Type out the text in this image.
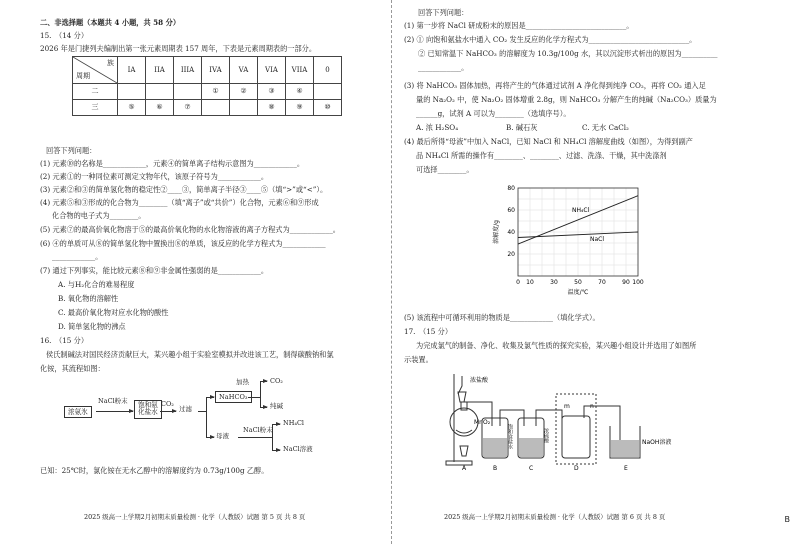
二、非选择题（本题共 4 小题，共 58 分）
15.　（14 分）
2026 年是门捷列夫编制出第一张元素周期表 157 周年，下表是元素周期表的一部分。
族
周期	IA	IIA	IIIA	IVA	VA	VIA	VIIA	0
二				①	②	③	④	
三	⑤	⑥	⑦			⑧	⑨	⑩
回答下列问题：
(1) 元素⑩的名称是____________，元素④的简单离子结构示意图为____________。
(2) 元素①的一种同位素可测定文物年代，该原子符号为____________。
(3) 元素②和③的简单氢化物的稳定性②____③，简单离子半径③____⑤（填“>”或“<”）。
(4) 元素⑤和③形成的化合物为________（填“离子”或“共价”）化合物，元素⑥和⑨形成
化合物的电子式为________。
(5) 元素⑦的最高价氧化物溶于⑤的最高价氧化物的水化物溶液的离子方程式为____________。
(6) ④的单质可从⑧的简单氢化物中置换出⑧的单质，该反应的化学方程式为____________
____________。
(7) 通过下列事实，能比较元素⑧和⑨非金属性强弱的是____________。
A. 与H₂化合的难易程度
B. 氧化物的溶解性
C. 最高价氧化物对应水化物的酸性
D. 简单氢化物的沸点
16.　（15 分）
侯氏制碱法对国民经济贡献巨大，某兴趣小组于实验室模拟并改进该工艺，制得碳酸钠和氯
化铵，其流程如图：
浓氨氷
NaCl粉末 饱和氨
化盐水
CO₂
过滤
NaHCO₃
加热	CO₂
纯碱
母液
NaCl粉末
NH₄Cl
NaCl溶液
已知：25℃时，氯化铵在无水乙醇中的溶解度约为 0.73g/100g 乙醇。
2025 级高一上学期2月初期末质量检测 · 化学（人教版）试题 第 5 页 共 8 页
回答下列问题：
(1) 第一步将 NaCl 研成粉末的原因是____________________________。
(2) ① 向饱和氨盐水中通入 CO₂ 发生反应的化学方程式为____________________________。
② 已知常温下 NaHCO₃ 的溶解度为 10.3g/100g 水，其以沉淀形式析出的原因为__________
____________。
(3) 将 NaHCO₃ 固体加热，再将产生的气体通过试剂 A 净化得到纯净 CO₂，再将 CO₂ 通入足
量的 Na₂O₂ 中，使 Na₂O₂ 固体增重 2.8g，则 NaHCO₃ 分解产生的纯碱（Na₂CO₃）质量为
______g，试剂 A 可以为________（选填序号）。
A. 浓 H₂SO₄	B. 碱石灰	C. 无水 CaCl₂
(4) 最后所得“母液”中加入 NaCl，已知 NaCl 和 NH₄Cl 溶解度曲线（如图），为得到副产
品 NH₄Cl 所需的操作有________、________、过滤、洗涤、干燥，其中洗涤剂
可选择________。
0 10	30	50	70	90 100
20
40
60
80
温度/℃
溶解度/g
NH₄Cl
NaCl
(5) 该流程中可循环利用的物质是____________（填化学式）。
17.　（15 分）
为完成氯气的制备、净化、收集及氯气性质的探究实验，某兴趣小组设计并选用了如图所
示装置。
浓盐酸
MnO₂
饱和食盐水	浓硫酸
m	n
NaOH溶液
A	B	C	D	E
2025 级高一上学期2月初期末质量检测 · 化学（人教版）试题 第 6 页 共 8 页	B
